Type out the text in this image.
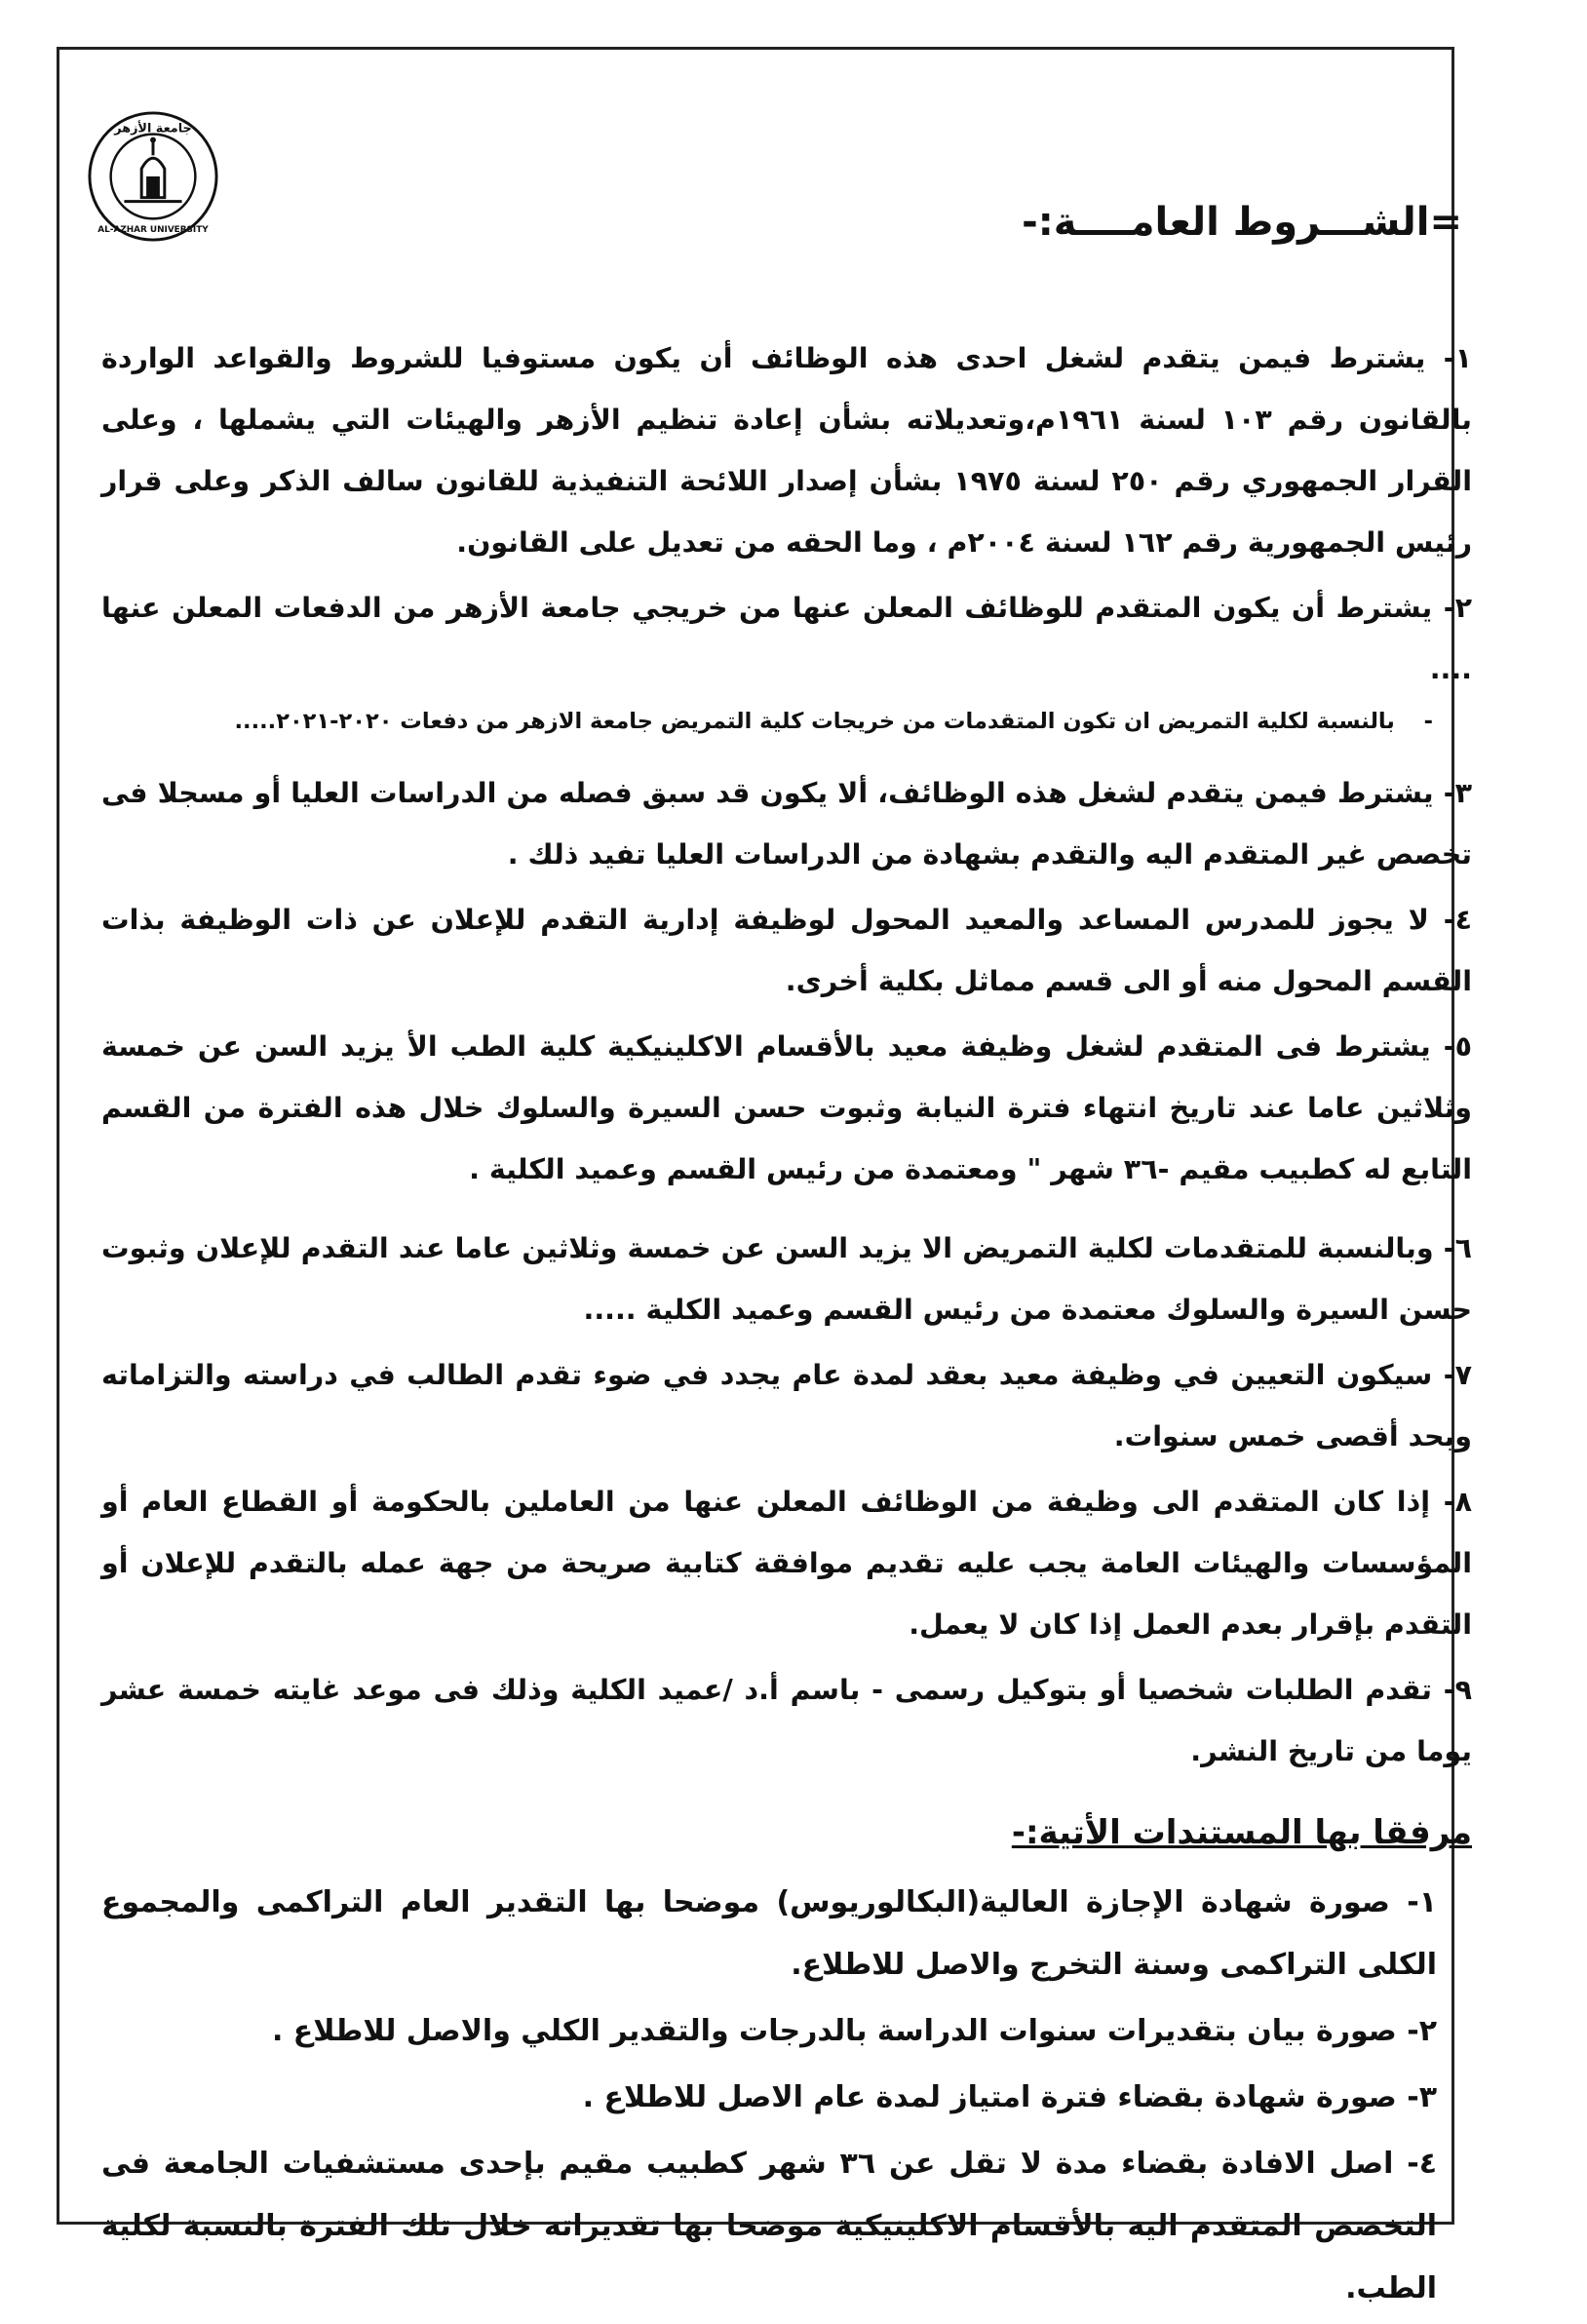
جامعة الأزهر
AL-AZHAR UNIVERSITY	=الشـــروط العامــــة:-

١- يشترط فيمن يتقدم لشغل احدى هذه الوظائف أن يكون مستوفيا للشروط والقواعد الواردة بالقانون رقم ١٠٣ لسنة ١٩٦١م،وتعديلاته بشأن إعادة تنظيم الأزهر والهيئات التي يشملها ، وعلى القرار الجمهوري رقم ٢٥٠ لسنة ١٩٧٥ بشأن إصدار اللائحة التنفيذية للقانون سالف الذكر وعلى قرار رئيس الجمهورية رقم ١٦٢ لسنة ٢٠٠٤م ، وما الحقه من تعديل على القانون.

٢- يشترط أن يكون المتقدم للوظائف المعلن عنها من خريجي جامعة الأزهر من الدفعات المعلن عنها ....

- بالنسبة لكلية التمريض ان تكون المتقدمات من خريجات كلية التمريض جامعة الازهر من دفعات ٢٠٢٠-٢٠٢١.....

٣- يشترط فيمن يتقدم لشغل هذه الوظائف، ألا يكون قد سبق فصله من الدراسات العليا أو مسجلا فى تخصص غير المتقدم اليه والتقدم بشهادة من الدراسات العليا تفيد ذلك .

٤- لا يجوز للمدرس المساعد والمعيد المحول لوظيفة إدارية التقدم للإعلان عن ذات الوظيفة بذات القسم المحول منه أو الى قسم مماثل بكلية أخرى.

٥- يشترط فى المتقدم لشغل وظيفة معيد بالأقسام الاكلينيكية كلية الطب الأ يزيد السن عن خمسة وثلاثين عاما عند تاريخ انتهاء فترة النيابة وثبوت حسن السيرة والسلوك خلال هذه الفترة من القسم التابع له كطبيب مقيم -٣٦ شهر " ومعتمدة من رئيس القسم وعميد الكلية .

٦- وبالنسبة للمتقدمات لكلية التمريض الا يزيد السن عن خمسة وثلاثين عاما عند التقدم للإعلان وثبوت حسن السيرة والسلوك معتمدة من رئيس القسم وعميد الكلية .....

٧- سيكون التعيين في وظيفة معيد بعقد لمدة عام يجدد في ضوء تقدم الطالب في دراسته والتزاماته وبحد أقصى خمس سنوات.

٨- إذا كان المتقدم الى وظيفة من الوظائف المعلن عنها من العاملين بالحكومة أو القطاع العام أو المؤسسات والهيئات العامة يجب عليه تقديم موافقة كتابية صريحة من جهة عمله بالتقدم للإعلان أو التقدم بإقرار بعدم العمل إذا كان لا يعمل.

٩- تقدم الطلبات شخصيا أو بتوكيل رسمى - باسم أ.د /عميد الكلية وذلك فى موعد غايته خمسة عشر يوما من تاريخ النشر.

مرفقا بها المستندات الأتية:-

١- صورة شهادة الإجازة العالية(البكالوريوس) موضحا بها التقدير العام التراكمى والمجموع الكلى التراكمى وسنة التخرج والاصل للاطلاع.

٢- صورة بيان بتقديرات سنوات الدراسة بالدرجات والتقدير الكلي والاصل للاطلاع .

٣- صورة شهادة بقضاء فترة امتياز لمدة عام الاصل للاطلاع .

٤- اصل الافادة بقضاء مدة لا تقل عن ٣٦ شهر كطبيب مقيم بإحدى مستشفيات الجامعة فى التخصص المتقدم اليه بالأقسام الاكلينيكية موضحا بها تقديراته خلال تلك الفترة بالنسبة لكلية الطب.
